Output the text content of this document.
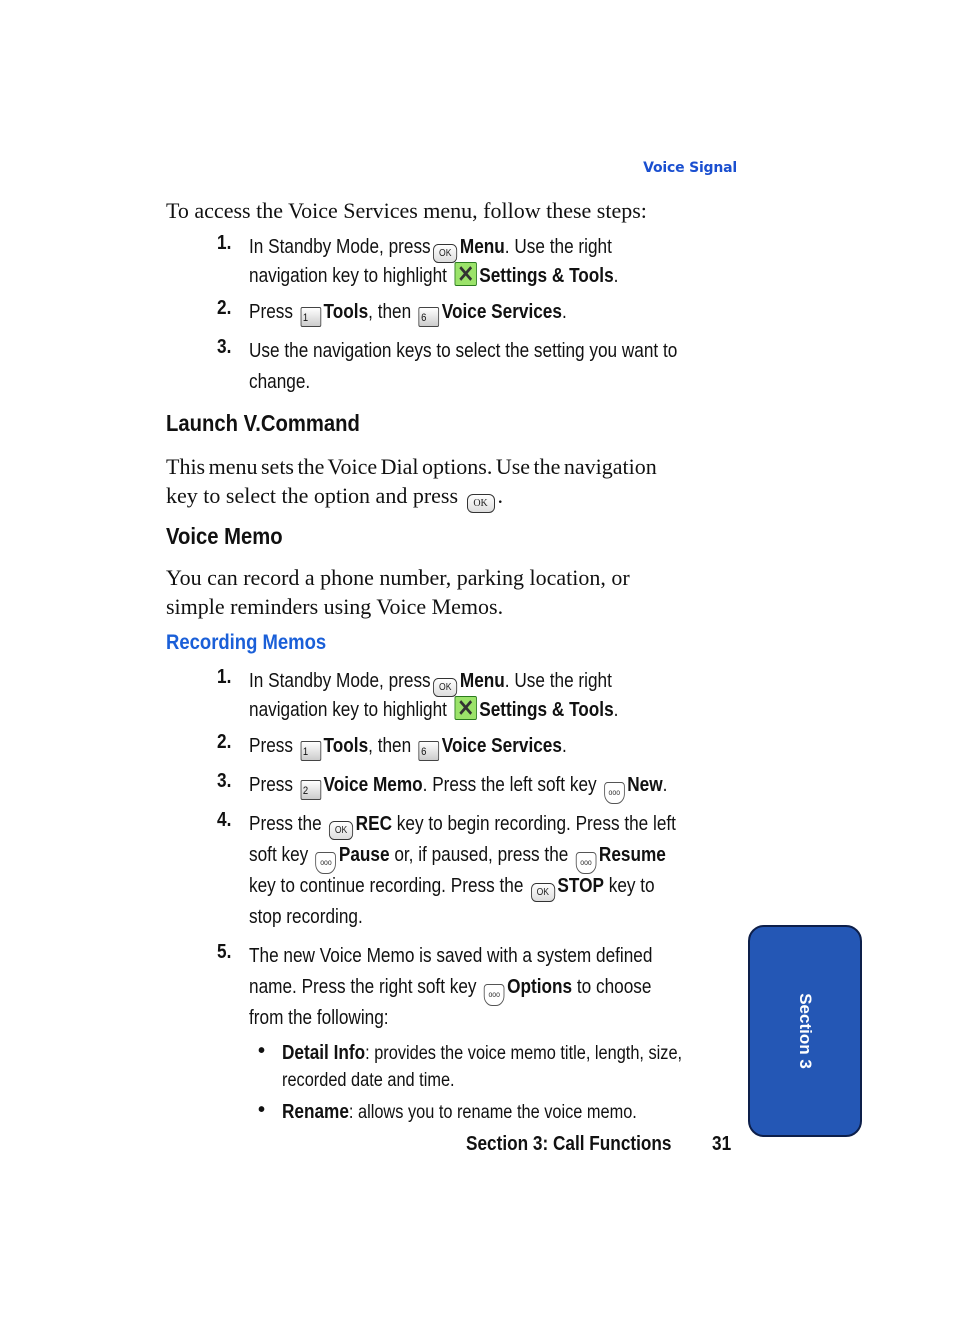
Voice Signal
To access the Voice Services menu, follow these steps:
1. In Standby Mode, press OK Menu. Use the right
navigation key to highlight Settings & Tools.
2. Press 1 Tools, then 6 Voice Services.
3. Use the navigation keys to select the setting you want to
change.
Launch V.Command
This menu sets the Voice Dial options. Use the navigation
key to select the option and press OK .
Voice Memo
You can record a phone number, parking location, or
simple reminders using Voice Memos.
Recording Memos
1. In Standby Mode, press OK Menu. Use the right
navigation key to highlight Settings & Tools.
2. Press 1 Tools, then 6 Voice Services.
3. Press 2 Voice Memo. Press the left soft key ooo New.
4. Press the OK REC key to begin recording. Press the left
soft key ooo Pause or, if paused, press the ooo Resume
key to continue recording. Press the OK STOP key to
stop recording.
5. The new Voice Memo is saved with a system defined
name. Press the right soft key ooo Options to choose
from the following:
• Detail Info: provides the voice memo title, length, size,
recorded date and time.
• Rename: allows you to rename the voice memo.
Section 3: Call Functions 31
Section 3
